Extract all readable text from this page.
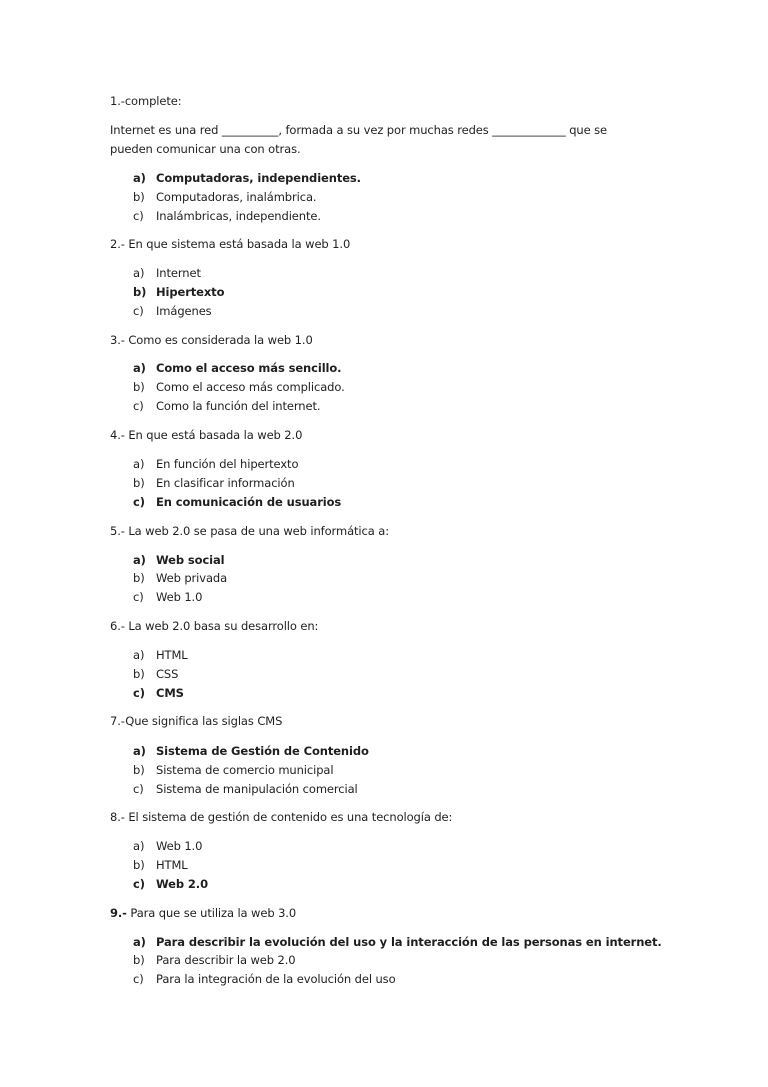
1.-complete:
Internet es una red __________, formada a su vez por muchas redes _____________ que se pueden comunicar una con otras.
a) Computadoras, independientes.
b) Computadoras, inalámbrica.
c) Inalámbricas, independiente.
2.- En que sistema está basada la web 1.0
a) Internet
b) Hipertexto
c) Imágenes
3.- Como es considerada la web 1.0
a) Como el acceso más sencillo.
b) Como el acceso más complicado.
c) Como la función del internet.
4.- En que está basada la web 2.0
a) En función del hipertexto
b) En clasificar información
c) En comunicación de usuarios
5.- La web 2.0 se pasa de una web informática a:
a) Web social
b) Web privada
c) Web 1.0
6.- La web 2.0 basa su desarrollo en:
a) HTML
b) CSS
c) CMS
7.-Que significa las siglas CMS
a) Sistema de Gestión de Contenido
b) Sistema de comercio municipal
c) Sistema de manipulación comercial
8.- El sistema de gestión de contenido es una tecnología de:
a) Web 1.0
b) HTML
c) Web 2.0
9.- Para que se utiliza la web 3.0
a) Para describir la evolución del uso y la interacción de las personas en internet.
b) Para describir la web 2.0
c) Para la integración de la evolución del uso
